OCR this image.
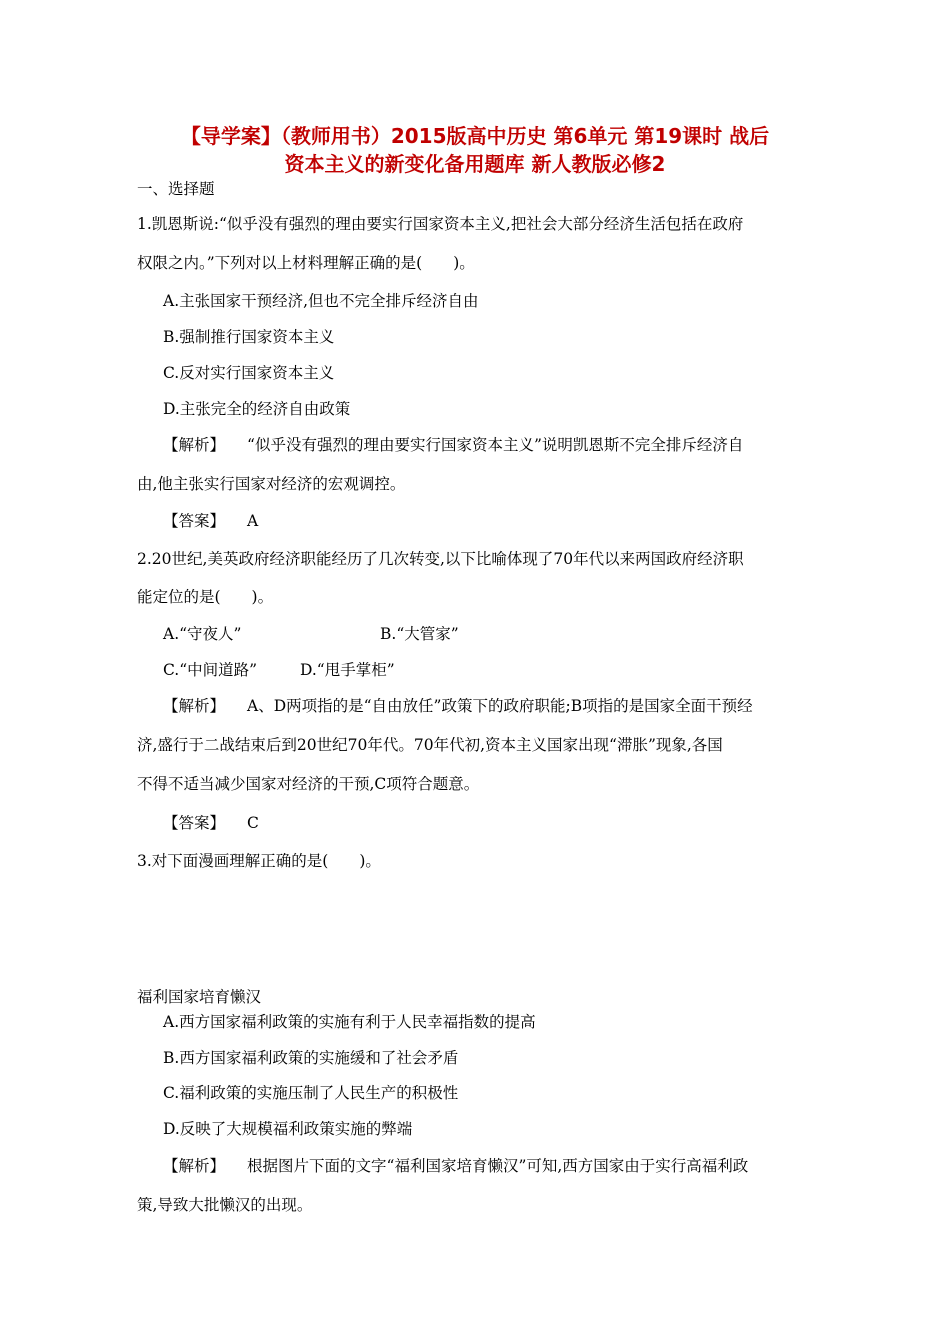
【导学案】（教师用书）2015版高中历史 第6单元 第19课时 战后
资本主义的新变化备用题库 新人教版必修2
一、选择题
1.凯恩斯说:“似乎没有强烈的理由要实行国家资本主义,把社会大部分经济生活包括在政府
权限之内。”下列对以上材料理解正确的是(　　)。
A.主张国家干预经济,但也不完全排斥经济自由
B.强制推行国家资本主义
C.反对实行国家资本主义
D.主张完全的经济自由政策
【解析】 “似乎没有强烈的理由要实行国家资本主义”说明凯恩斯不完全排斥经济自
由,他主张实行国家对经济的宏观调控。
【答案】 A
2.20世纪,美英政府经济职能经历了几次转变,以下比喻体现了70年代以来两国政府经济职
能定位的是(　　)。
A.“守夜人”	B.“大管家”
C.“中间道路”	D.“甩手掌柜”
【解析】 A、D两项指的是“自由放任”政策下的政府职能;B项指的是国家全面干预经
济,盛行于二战结束后到20世纪70年代。70年代初,资本主义国家出现“滞胀”现象,各国
不得不适当减少国家对经济的干预,C项符合题意。
【答案】 C
3.对下面漫画理解正确的是(　　)。
福利国家培育懒汉
A.西方国家福利政策的实施有利于人民幸福指数的提高
B.西方国家福利政策的实施缓和了社会矛盾
C.福利政策的实施压制了人民生产的积极性
D.反映了大规模福利政策实施的弊端
【解析】 根据图片下面的文字“福利国家培育懒汉”可知,西方国家由于实行高福利政
策,导致大批懒汉的出现。
